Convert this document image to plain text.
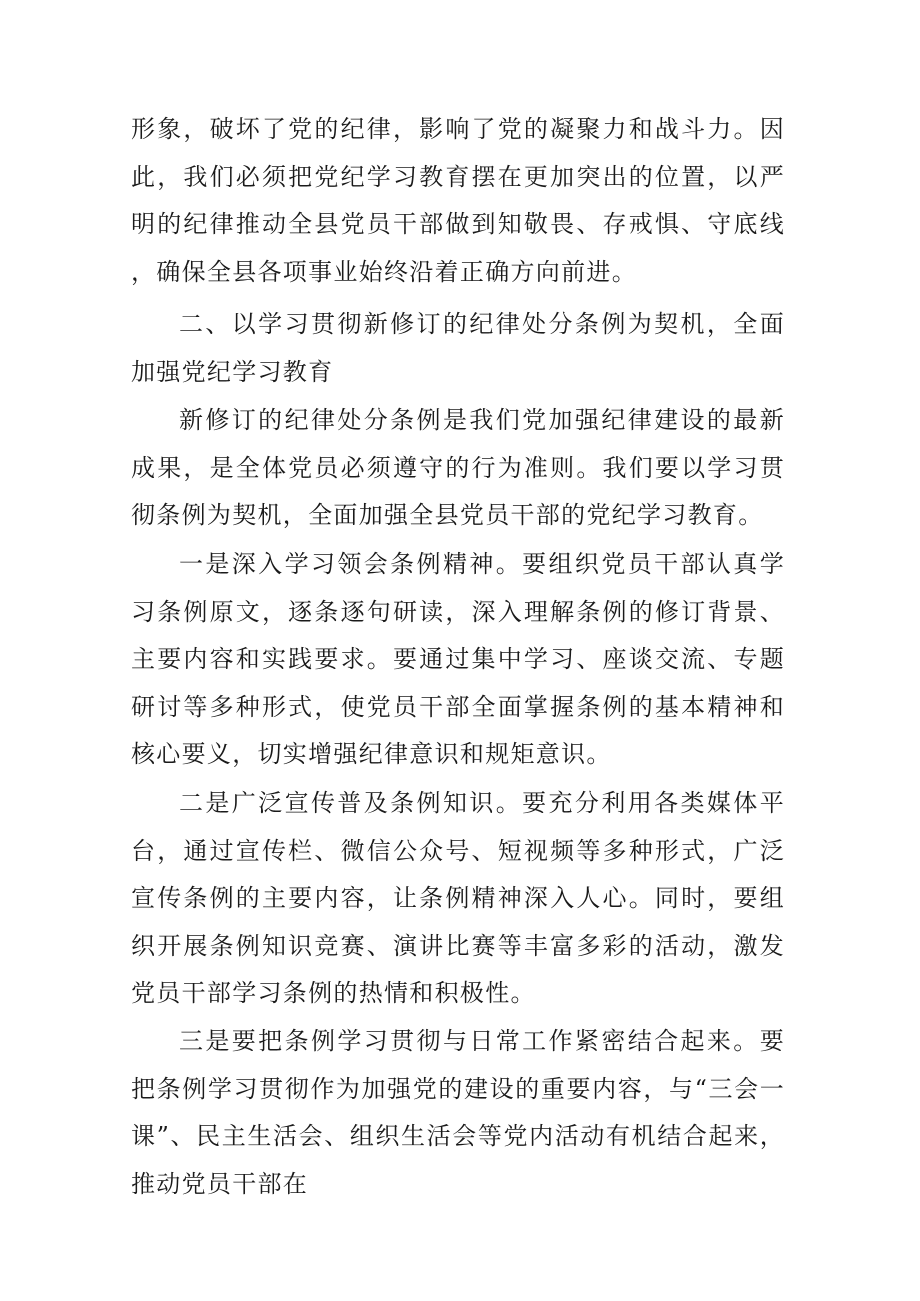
形象，破坏了党的纪律，影响了党的凝聚力和战斗力。因此，我们必须把党纪学习教育摆在更加突出的位置，以严明的纪律推动全县党员干部做到知敬畏、存戒惧、守底线，确保全县各项事业始终沿着正确方向前进。

二、以学习贯彻新修订的纪律处分条例为契机，全面加强党纪学习教育

新修订的纪律处分条例是我们党加强纪律建设的最新成果，是全体党员必须遵守的行为准则。我们要以学习贯彻条例为契机，全面加强全县党员干部的党纪学习教育。

一是深入学习领会条例精神。要组织党员干部认真学习条例原文，逐条逐句研读，深入理解条例的修订背景、主要内容和实践要求。要通过集中学习、座谈交流、专题研讨等多种形式，使党员干部全面掌握条例的基本精神和核心要义，切实增强纪律意识和规矩意识。

二是广泛宣传普及条例知识。要充分利用各类媒体平台，通过宣传栏、微信公众号、短视频等多种形式，广泛宣传条例的主要内容，让条例精神深入人心。同时，要组织开展条例知识竞赛、演讲比赛等丰富多彩的活动，激发党员干部学习条例的热情和积极性。

三是要把条例学习贯彻与日常工作紧密结合起来。要把条例学习贯彻作为加强党的建设的重要内容，与“三会一课”、民主生活会、组织生活会等党内活动有机结合起来，推动党员干部在
